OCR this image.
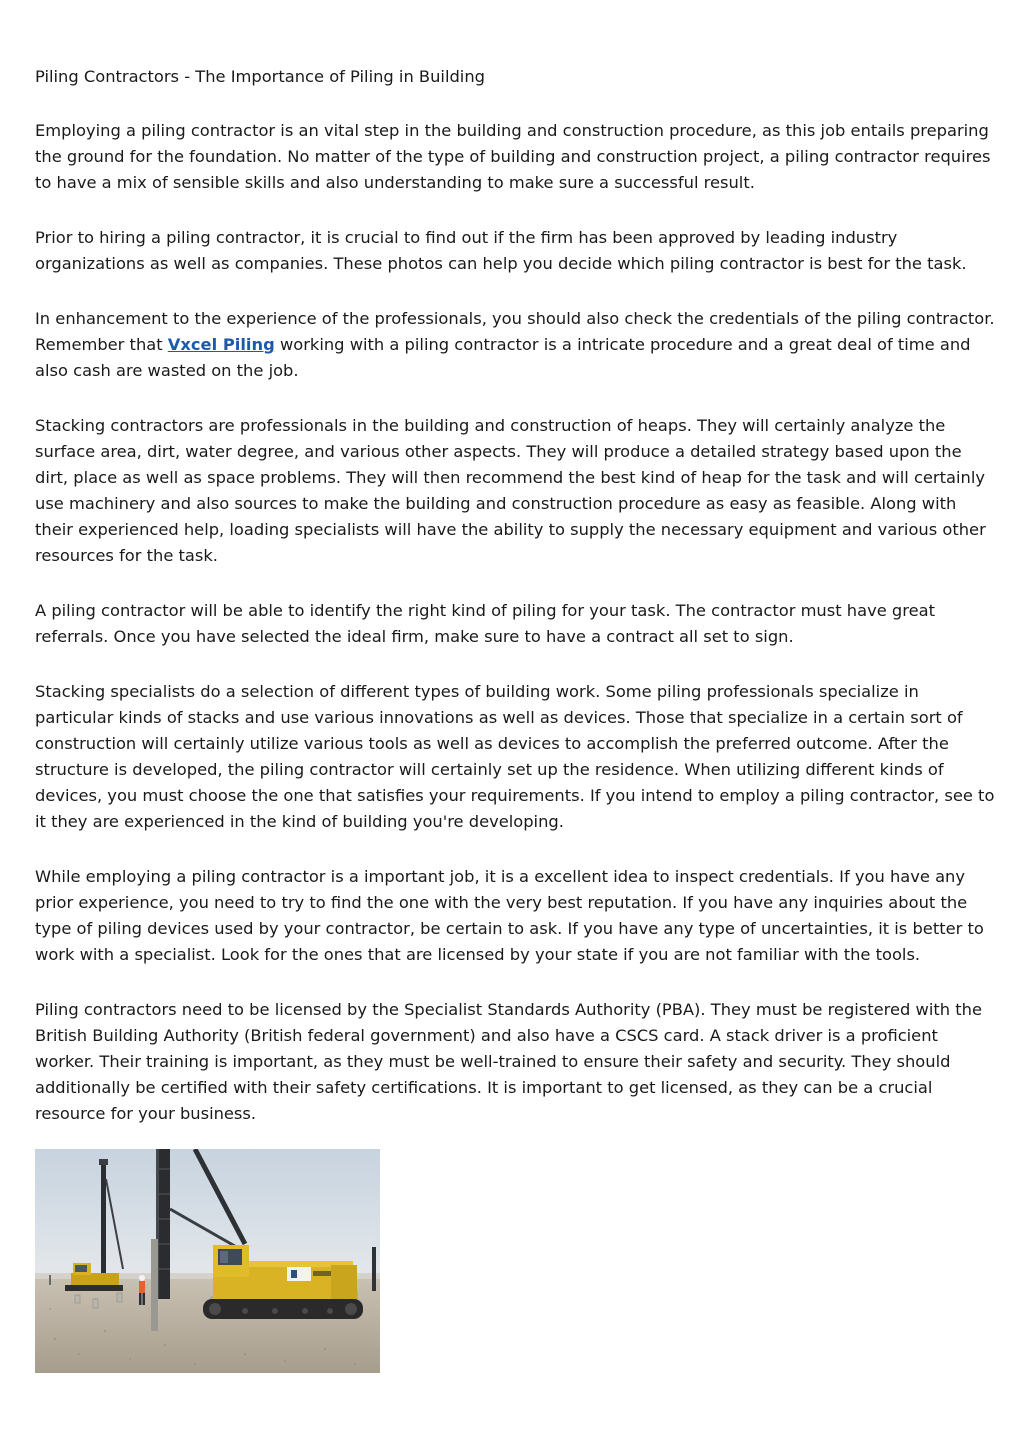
Piling Contractors - The Importance of Piling in Building

Employing a piling contractor is an vital step in the building and construction procedure, as this job entails preparing the ground for the foundation. No matter of the type of building and construction project, a piling contractor requires to have a mix of sensible skills and also understanding to make sure a successful result.

Prior to hiring a piling contractor, it is crucial to find out if the firm has been approved by leading industry organizations as well as companies. These photos can help you decide which piling contractor is best for the task.

In enhancement to the experience of the professionals, you should also check the credentials of the piling contractor. Remember that Vxcel Piling working with a piling contractor is a intricate procedure and a great deal of time and also cash are wasted on the job.

Stacking contractors are professionals in the building and construction of heaps. They will certainly analyze the surface area, dirt, water degree, and various other aspects. They will produce a detailed strategy based upon the dirt, place as well as space problems. They will then recommend the best kind of heap for the task and will certainly use machinery and also sources to make the building and construction procedure as easy as feasible. Along with their experienced help, loading specialists will have the ability to supply the necessary equipment and various other resources for the task.

A piling contractor will be able to identify the right kind of piling for your task. The contractor must have great referrals. Once you have selected the ideal firm, make sure to have a contract all set to sign.

Stacking specialists do a selection of different types of building work. Some piling professionals specialize in particular kinds of stacks and use various innovations as well as devices. Those that specialize in a certain sort of construction will certainly utilize various tools as well as devices to accomplish the preferred outcome. After the structure is developed, the piling contractor will certainly set up the residence. When utilizing different kinds of devices, you must choose the one that satisfies your requirements. If you intend to employ a piling contractor, see to it they are experienced in the kind of building you're developing.

While employing a piling contractor is a important job, it is a excellent idea to inspect credentials. If you have any prior experience, you need to try to find the one with the very best reputation. If you have any inquiries about the type of piling devices used by your contractor, be certain to ask. If you have any type of uncertainties, it is better to work with a specialist. Look for the ones that are licensed by your state if you are not familiar with the tools.

Piling contractors need to be licensed by the Specialist Standards Authority (PBA). They must be registered with the British Building Authority (British federal government) and also have a CSCS card. A stack driver is a proficient worker. Their training is important, as they must be well-trained to ensure their safety and security. They should additionally be certified with their safety certifications. It is important to get licensed, as they can be a crucial resource for your business.
